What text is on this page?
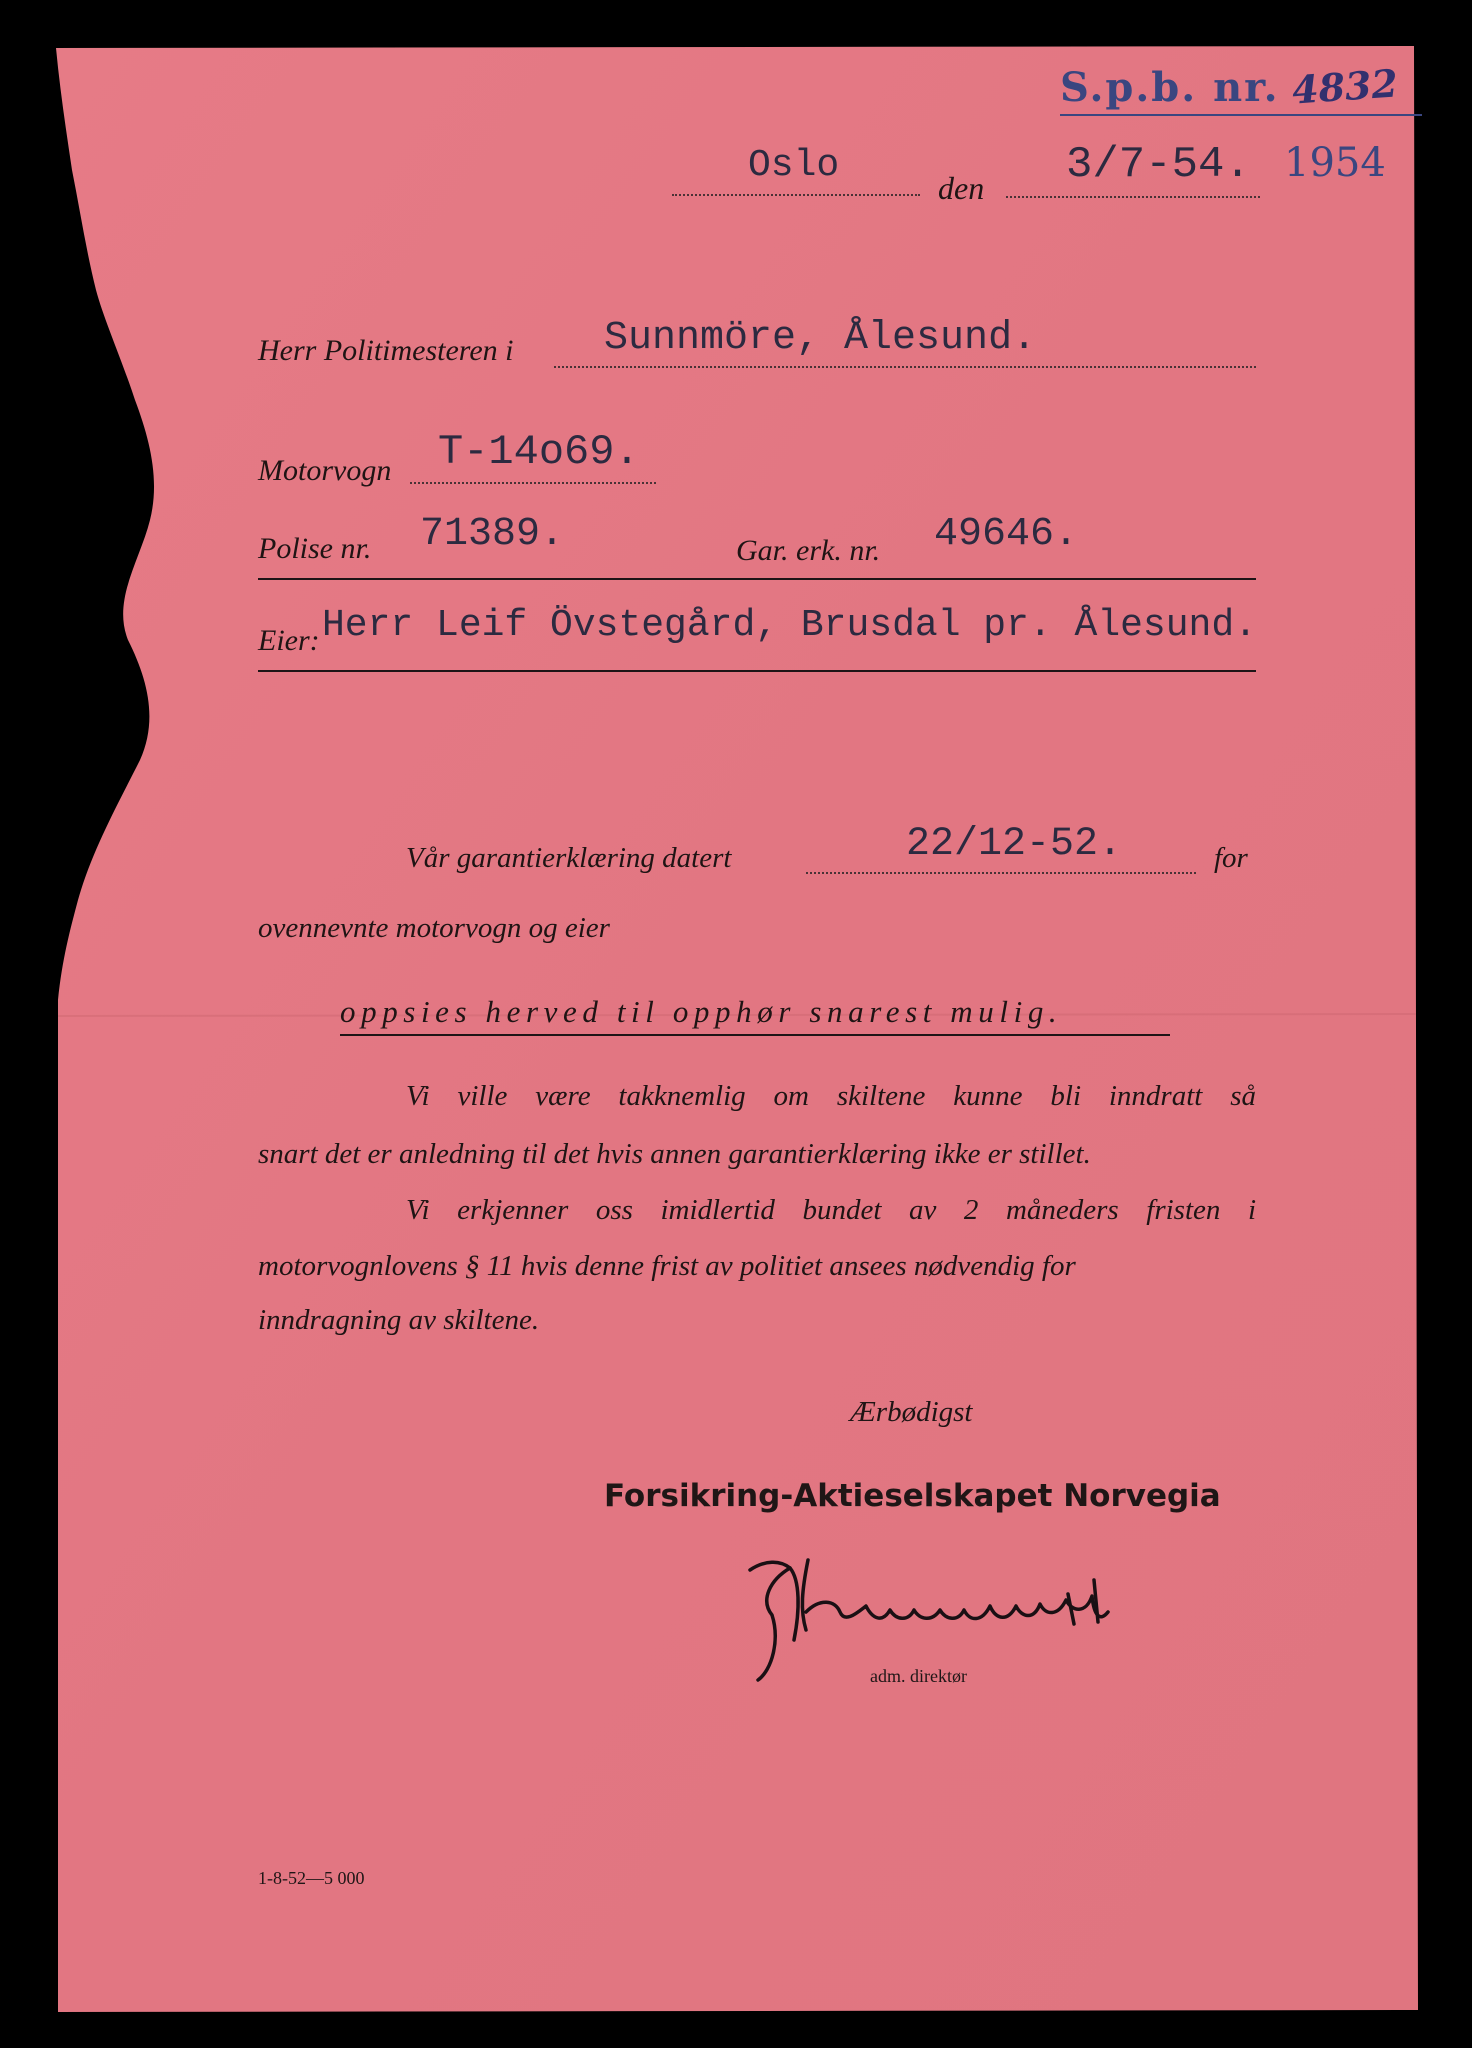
S.p.b. nr. 4832
1954
Oslo
den 3/7-54.
Herr Politimesteren i Sunnmöre, Ålesund.
Motorvogn T-14o69.
Polise nr. 71389.	Gar. erk. nr. 49646.
Eier: Herr Leif Övstegård, Brusdal pr. Ålesund.
Vår garantierklæring datert	22/12-52.	for
ovennevnte motorvogn og eier
oppsies herved til opphør snarest mulig.
Vi ville være takknemlig om skiltene kunne bli inndratt så
snart det er anledning til det hvis annen garantierklæring ikke er stillet.
Vi erkjenner oss imidlertid bundet av 2 måneders fristen i
motorvognlovens § 11 hvis denne frist av politiet ansees nødvendig for
inndragning av skiltene.
Ærbødigst
Forsikring-Aktieselskapet Norvegia
adm. direktør
1-8-52—5 000
